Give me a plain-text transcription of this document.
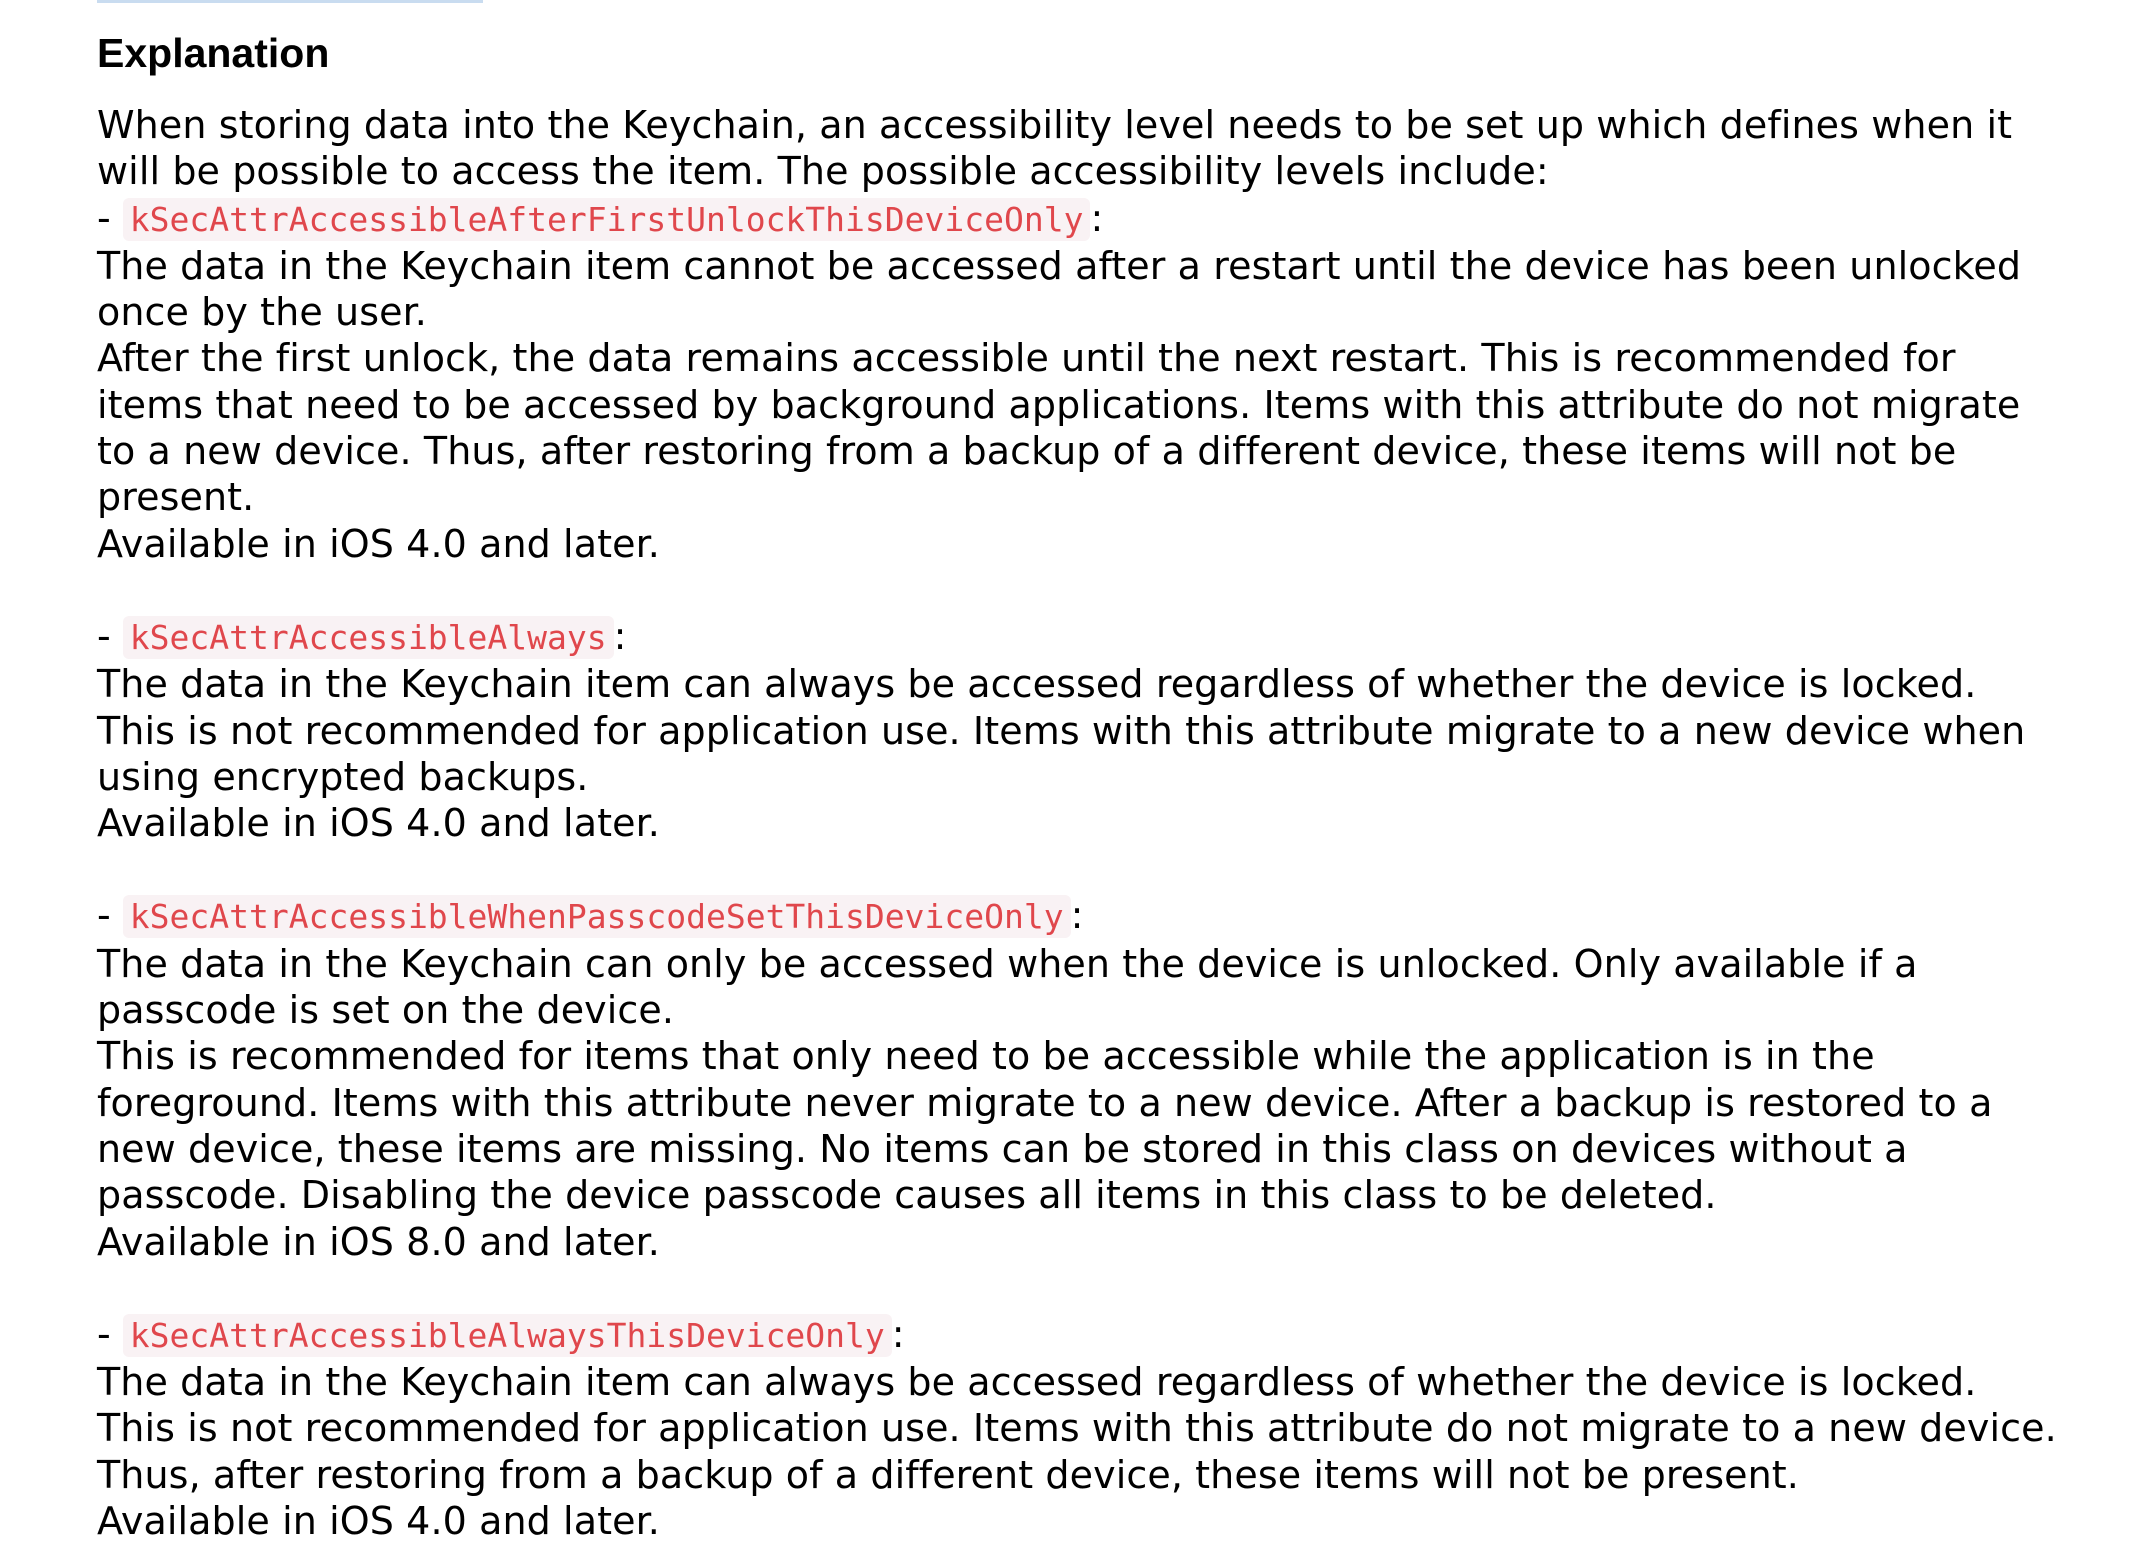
Explanation

When storing data into the Keychain, an accessibility level needs to be set up which defines when it will be possible to access the item. The possible accessibility levels include:

- kSecAttrAccessibleAfterFirstUnlockThisDeviceOnly :

The data in the Keychain item cannot be accessed after a restart until the device has been unlocked once by the user.

After the first unlock, the data remains accessible until the next restart. This is recommended for items that need to be accessed by background applications. Items with this attribute do not migrate to a new device. Thus, after restoring from a backup of a different device, these items will not be present.

Available in iOS 4.0 and later.

- kSecAttrAccessibleAlways :

The data in the Keychain item can always be accessed regardless of whether the device is locked.

This is not recommended for application use. Items with this attribute migrate to a new device when using encrypted backups.

Available in iOS 4.0 and later.

- kSecAttrAccessibleWhenPasscodeSetThisDeviceOnly :

The data in the Keychain can only be accessed when the device is unlocked. Only available if a passcode is set on the device.

This is recommended for items that only need to be accessible while the application is in the foreground. Items with this attribute never migrate to a new device. After a backup is restored to a new device, these items are missing. No items can be stored in this class on devices without a passcode. Disabling the device passcode causes all items in this class to be deleted.

Available in iOS 8.0 and later.

- kSecAttrAccessibleAlwaysThisDeviceOnly :

The data in the Keychain item can always be accessed regardless of whether the device is locked.

This is not recommended for application use. Items with this attribute do not migrate to a new device. Thus, after restoring from a backup of a different device, these items will not be present.

Available in iOS 4.0 and later.
